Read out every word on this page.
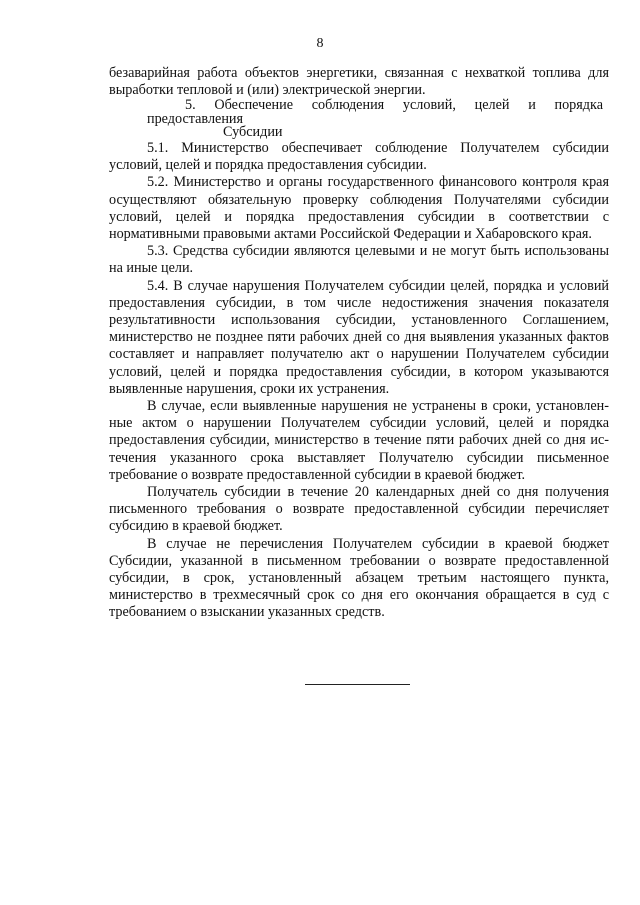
8

безаварийная работа объектов энергетики, связанная с нехваткой топлива для выработки тепловой и (или) электрической энергии.

5. Обеспечение соблюдения условий, целей и порядка предоставления
Субсидии

5.1. Министерство обеспечивает соблюдение Получателем субсидии условий, целей и порядка предоставления субсидии.

5.2. Министерство и органы государственного финансового контроля края осуществляют обязательную проверку соблюдения Получателями субсидии условий, целей и порядка предоставления субсидии в соответствии с нормативными правовыми актами Российской Федерации и Хабаровского края.

5.3. Средства субсидии являются целевыми и не могут быть использованы на иные цели.

5.4. В случае нарушения Получателем субсидии целей, порядка и условий предоставления субсидии, в том числе недостижения значения показателя результативности использования субсидии, установленного Соглашением, министерство не позднее пяти рабочих дней со дня выявления указанных фактов составляет и направляет получателю акт о нарушении Получателем субсидии условий, целей и порядка предоставления субсидии, в котором указываются выявленные нарушения, сроки их устранения.

В случае, если выявленные нарушения не устранены в сроки, установленные актом о нарушении Получателем субсидии условий, целей и порядка предоставления субсидии, министерство в течение пяти рабочих дней со дня истечения указанного срока выставляет Получателю субсидии письменное требование о возврате предоставленной субсидии в краевой бюджет.

Получатель субсидии в течение 20 календарных дней со дня получения письменного требования о возврате предоставленной субсидии перечисляет субсидию в краевой бюджет.

В случае не перечисления Получателем субсидии в краевой бюджет Субсидии, указанной в письменном требовании о возврате предоставленной субсидии, в срок, установленный абзацем третьим настоящего пункта, министерство в трехмесячный срок со дня его окончания обращается в суд с требованием о взыскании указанных средств.
